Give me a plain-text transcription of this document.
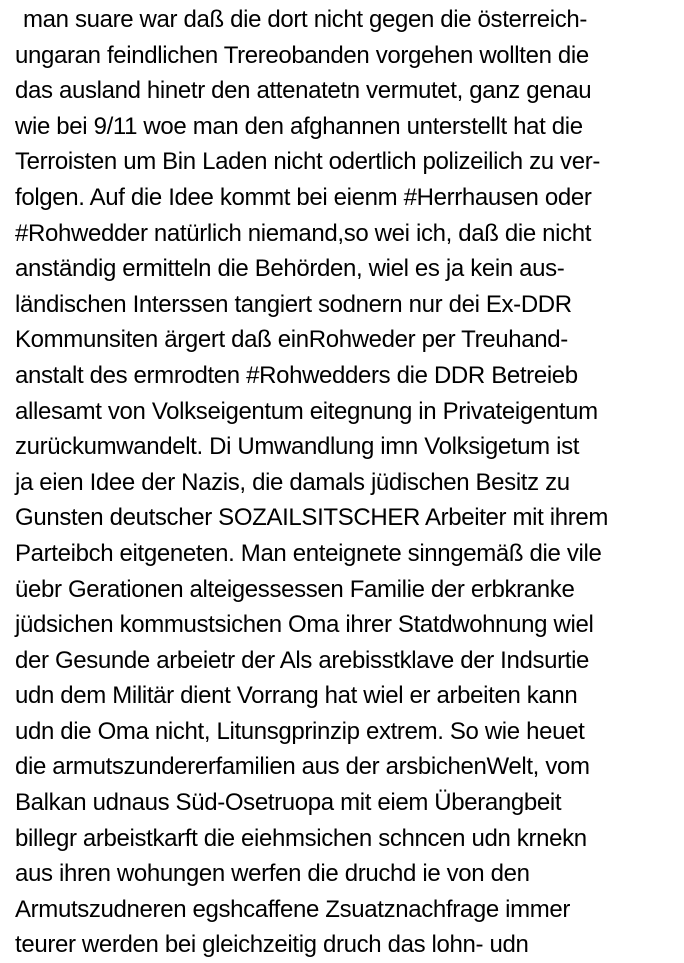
man suare war daß die dort nicht gegen die österreich-
ungaran feindlichen Trereobanden vorgehen wollten die
das ausland hinetr den attenatetn vermutet, ganz genau
wie bei 9/11 woe man den afghannen unterstellt hat die
Terroisten um Bin Laden nicht odertlich polizeilich zu ver-
folgen. Auf die Idee kommt bei eienm #Herrhausen oder
#Rohwedder natürlich niemand,so wei ich, daß die nicht
anständig ermitteln die Behörden, wiel es ja kein aus-
ländischen Interssen tangiert sodnern nur dei Ex-DDR
Kommunsiten ärgert daß einRohweder per Treuhand-
anstalt des ermrodten #Rohwedders die DDR Betreieb
allesamt von Volkseigentum eitegnung in Privateigentum
zurückumwandelt. Di Umwandlung imn Volksigetum ist
ja eien Idee der Nazis, die damals jüdischen Besitz zu
Gunsten deutscher SOZAILSITSCHER Arbeiter mit ihrem
Parteibch eitgeneten. Man enteignete sinngemäß die vile
üebr Gerationen alteigessessen Familie der erbkranke
jüdsichen kommustsichen Oma ihrer Statdwohnung wiel
der Gesunde arbeietr der Als arebisstklave der Indsurtie
udn dem Militär dient Vorrang hat wiel er arbeiten kann
udn die Oma nicht, Litunsgprinzip extrem. So wie heuet
die armutszundererfamilien aus der arsbichenWelt, vom
Balkan udnaus Süd-Osetruopa mit eiem Überangbeit
billegr arbeistkarft die eiehmsichen schncen udn krnekn
aus ihren wohungen werfen die druchd ie von den
Armutszudneren egshcaffene Zsuatznachfrage immer
teurer werden bei gleichzeitig druch das lohn- udn
